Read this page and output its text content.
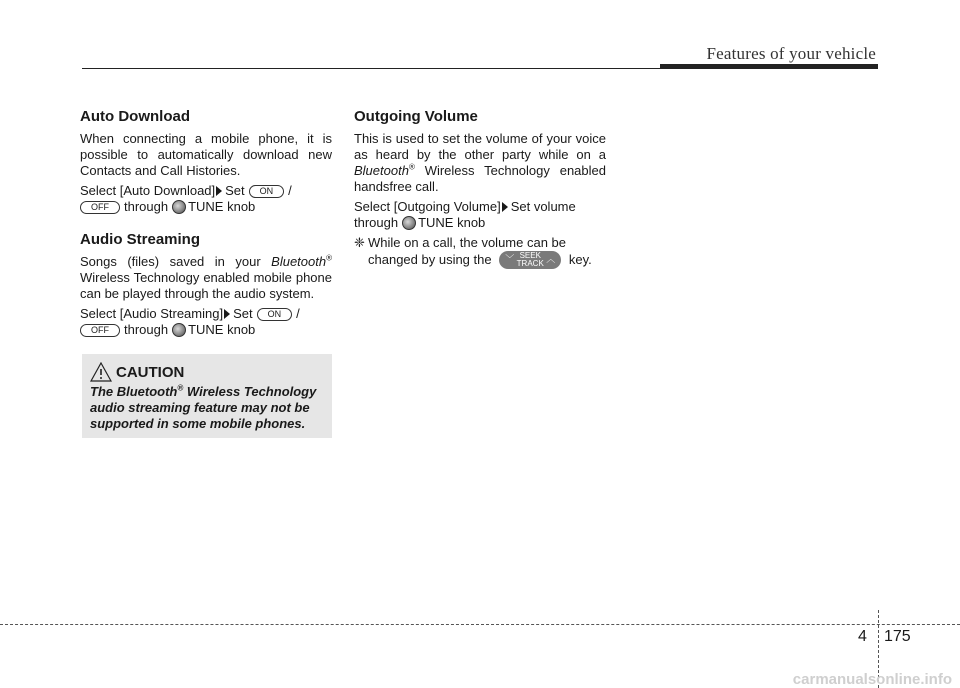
Features of your vehicle
Auto Download

When connecting a mobile phone, it is possible to automatically download new Contacts and Call Histories.

Select [Auto Download] Set ON /
OFF through TUNE knob

Audio Streaming

Songs (files) saved in your Bluetooth® Wireless Technology enabled mobile phone can be played through the audio system.

Select [Audio Streaming] Set ON /
OFF through TUNE knob

CAUTION
The Bluetooth® Wireless Technology
audio streaming feature may not be
supported in some mobile phones.
Outgoing Volume

This is used to set the volume of your voice as heard by the other party while on a Bluetooth® Wireless Technology enabled handsfree call.

Select [Outgoing Volume] Set volume
through TUNE knob

❈ While on a call, the volume can be changed by using the ﹀ SEEK
TRACK ︿ key.
4 175
carmanualsonline.info
